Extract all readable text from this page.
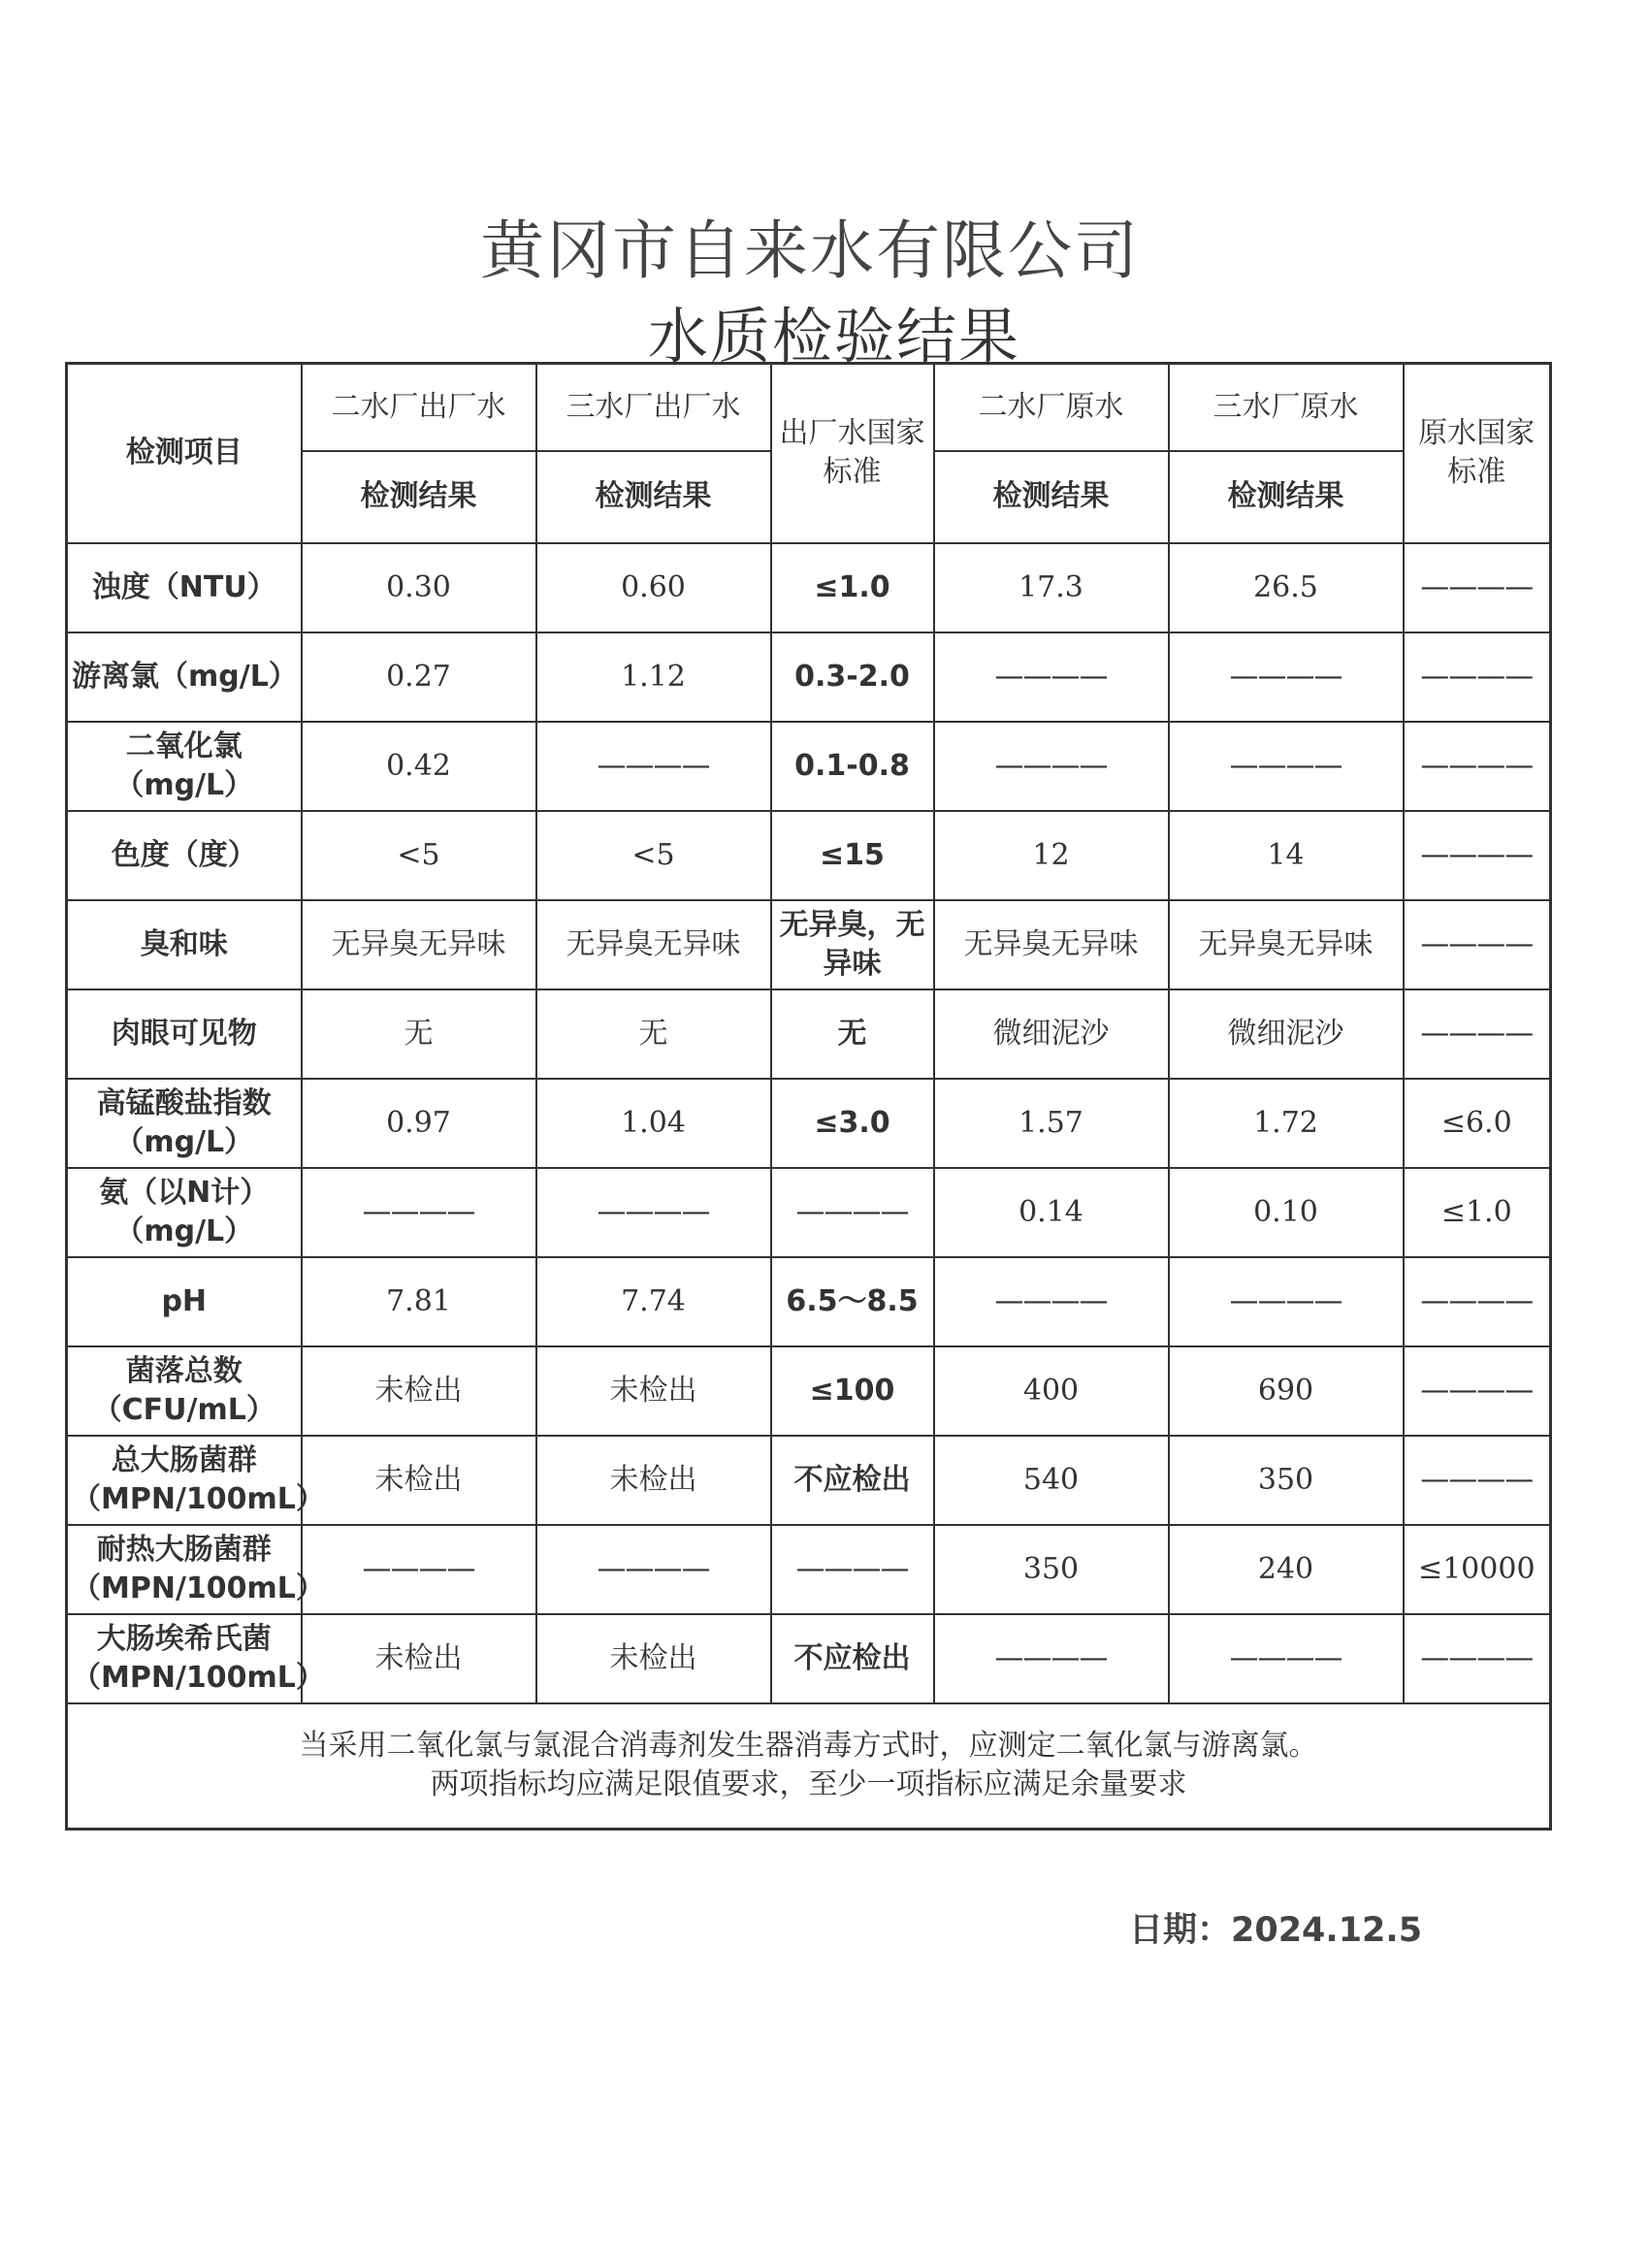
黄冈市自来水有限公司
水质检验结果
检测项目	二水厂出厂水	三水厂出厂水	出厂水国家标准	二水厂原水	三水厂原水	原水国家标准
	检测结果	检测结果		检测结果	检测结果	
浊度（NTU）	0.30	0.60	≤1.0	17.3	26.5	————
游离氯（mg/L）	0.27	1.12	0.3-2.0	————	————	————
二氧化氯（mg/L）	0.42	————	0.1-0.8	————	————	————
色度（度）	<5	<5	≤15	12	14	————
臭和味	无异臭无异味	无异臭无异味	无异臭，无异味	无异臭无异味	无异臭无异味	————
肉眼可见物	无	无	无	微细泥沙	微细泥沙	————
高锰酸盐指数（mg/L）	0.97	1.04	≤3.0	1.57	1.72	≤6.0
氨（以N计）（mg/L）	————	————	————	0.14	0.10	≤1.0
pH	7.81	7.74	6.5～8.5	————	————	————
菌落总数（CFU/mL）	未检出	未检出	≤100	400	690	————
总大肠菌群（MPN/100mL）	未检出	未检出	不应检出	540	350	————
耐热大肠菌群（MPN/100mL）	————	————	————	350	240	≤10000
大肠埃希氏菌（MPN/100mL）	未检出	未检出	不应检出	————	————	————

当采用二氧化氯与氯混合消毒剂发生器消毒方式时，应测定二氧化氯与游离氯。
两项指标均应满足限值要求，至少一项指标应满足余量要求						
日期：2024.12.5
